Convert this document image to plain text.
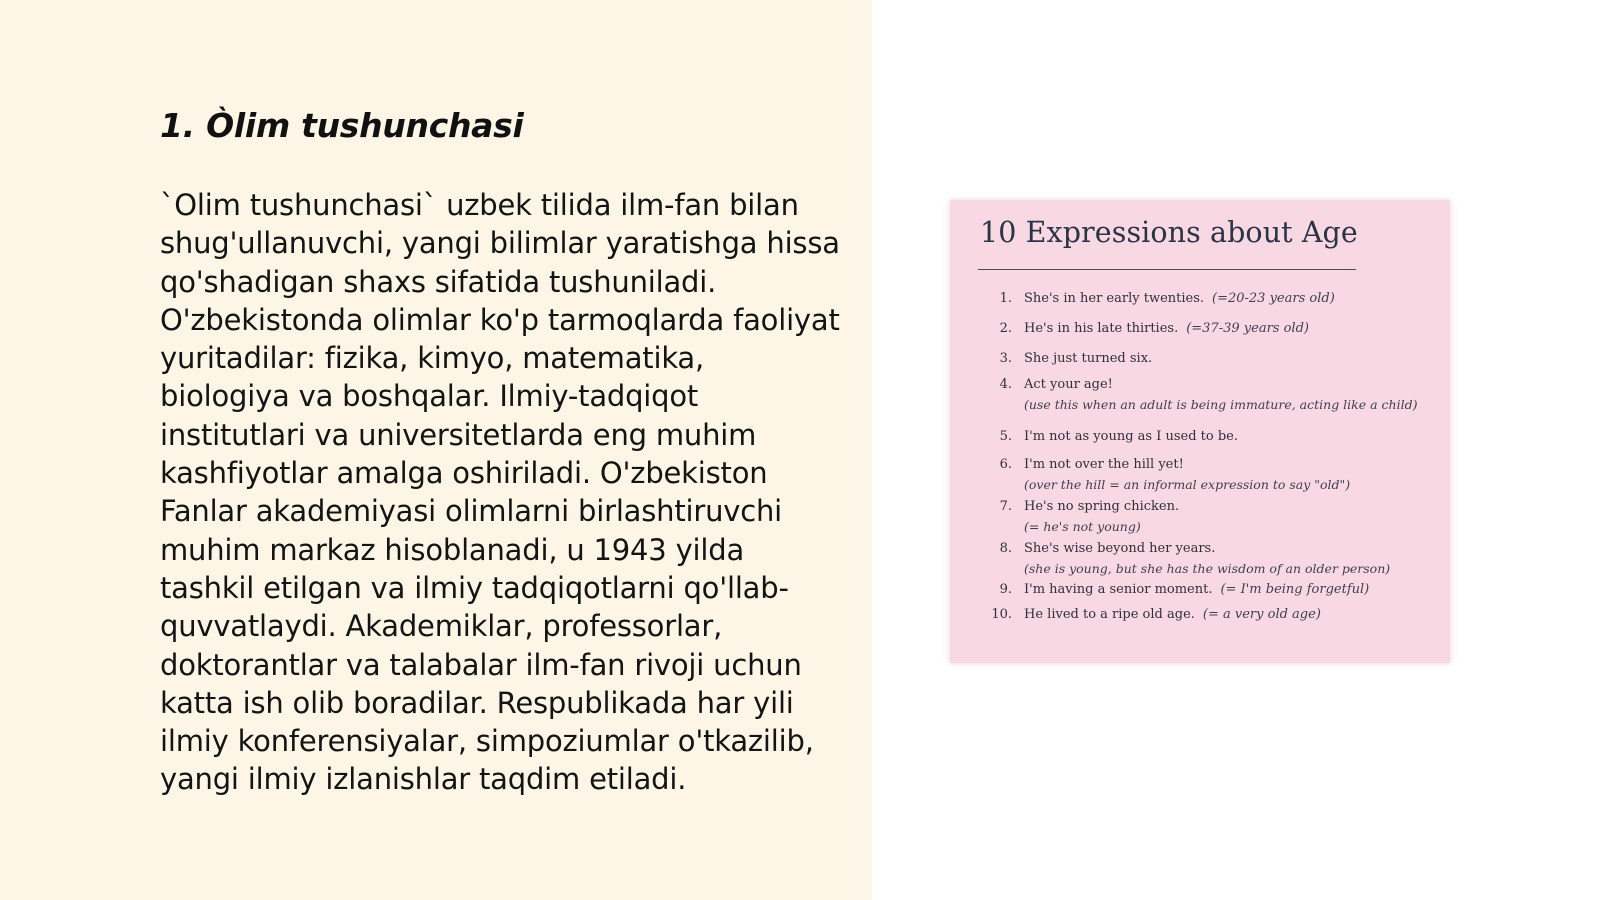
1. Òlim tushunchasi

`Olim tushunchasi` uzbek tilida ilm-fan bilan shug'ullanuvchi, yangi bilimlar yaratishga hissa qo'shadigan shaxs sifatida tushuniladi. O'zbekistonda olimlar ko'p tarmoqlarda faoliyat yuritadilar: fizika, kimyo, matematika, biologiya va boshqalar. Ilmiy-tadqiqot institutlari va universitetlarda eng muhim kashfiyotlar amalga oshiriladi. O'zbekiston Fanlar akademiyasi olimlarni birlashtiruvchi muhim markaz hisoblanadi, u 1943 yilda tashkil etilgan va ilmiy tadqiqotlarni qo'llab-quvvatlaydi. Akademiklar, professorlar, doktorantlar va talabalar ilm-fan rivoji uchun katta ish olib boradilar. Respublikada har yili ilmiy konferensiyalar, simpoziumlar o'tkazilib, yangi ilmiy izlanishlar taqdim etiladi.

10 Expressions about Age
1. She's in her early twenties. (=20-23 years old)
2. He's in his late thirties. (=37-39 years old)
3. She just turned six.
4. Act your age!
(use this when an adult is being immature, acting like a child)
5. I'm not as young as I used to be.
6. I'm not over the hill yet!
(over the hill = an informal expression to say "old")
7. He's no spring chicken.
(= he's not young)
8. She's wise beyond her years.
(she is young, but she has the wisdom of an older person)
9. I'm having a senior moment. (= I'm being forgetful)
10. He lived to a ripe old age. (= a very old age)
